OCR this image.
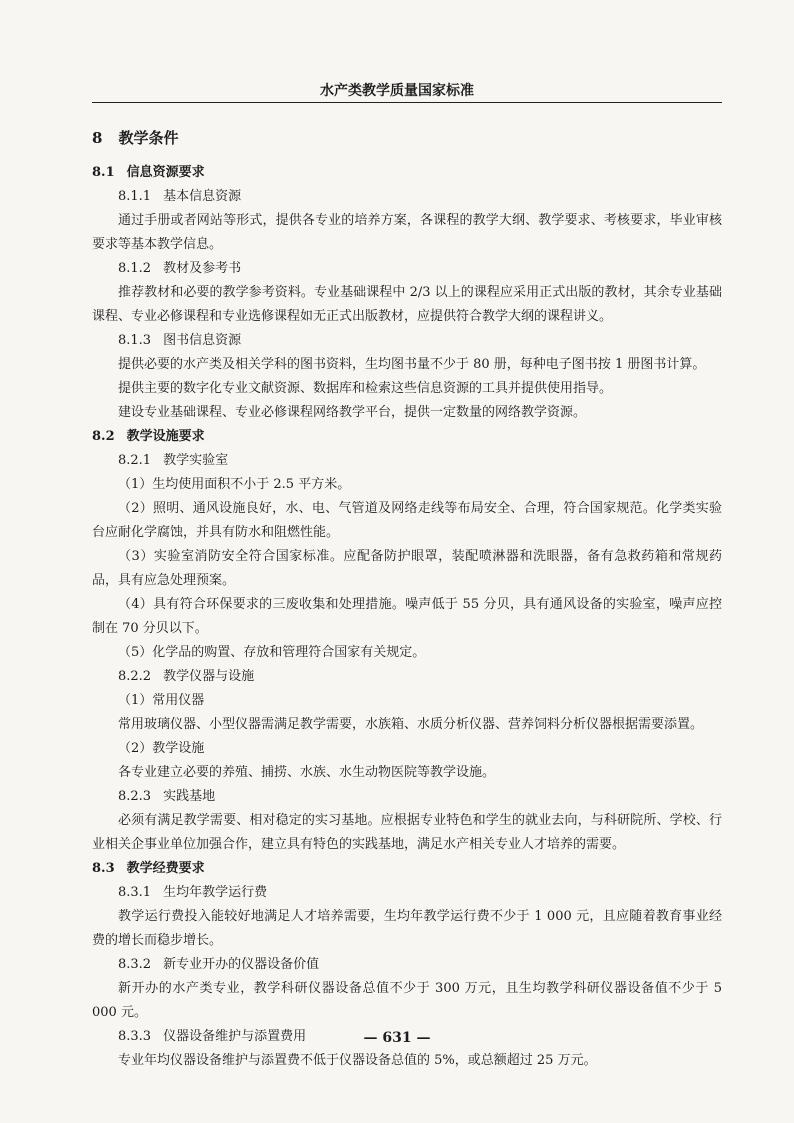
水产类教学质量国家标准

8 教学条件

8.1 信息资源要求

8.1.1 基本信息资源

通过手册或者网站等形式，提供各专业的培养方案，各课程的教学大纲、教学要求、考核要求，毕业审核要求等基本教学信息。

8.1.2 教材及参考书

推荐教材和必要的教学参考资料。专业基础课程中 2/3 以上的课程应采用正式出版的教材，其余专业基础课程、专业必修课程和专业选修课程如无正式出版教材，应提供符合教学大纲的课程讲义。

8.1.3 图书信息资源

提供必要的水产类及相关学科的图书资料，生均图书量不少于 80 册，每种电子图书按 1 册图书计算。

提供主要的数字化专业文献资源、数据库和检索这些信息资源的工具并提供使用指导。

建设专业基础课程、专业必修课程网络教学平台，提供一定数量的网络教学资源。

8.2 教学设施要求

8.2.1 教学实验室

（1）生均使用面积不小于 2.5 平方米。

（2）照明、通风设施良好，水、电、气管道及网络走线等布局安全、合理，符合国家规范。化学类实验台应耐化学腐蚀，并具有防水和阻燃性能。

（3）实验室消防安全符合国家标准。应配备防护眼罩，装配喷淋器和洗眼器，备有急救药箱和常规药品，具有应急处理预案。

（4）具有符合环保要求的三废收集和处理措施。噪声低于 55 分贝，具有通风设备的实验室，噪声应控制在 70 分贝以下。

（5）化学品的购置、存放和管理符合国家有关规定。

8.2.2 教学仪器与设施

（1）常用仪器

常用玻璃仪器、小型仪器需满足教学需要，水族箱、水质分析仪器、营养饲料分析仪器根据需要添置。

（2）教学设施

各专业建立必要的养殖、捕捞、水族、水生动物医院等教学设施。

8.2.3 实践基地

必须有满足教学需要、相对稳定的实习基地。应根据专业特色和学生的就业去向，与科研院所、学校、行业相关企事业单位加强合作，建立具有特色的实践基地，满足水产相关专业人才培养的需要。

8.3 教学经费要求

8.3.1 生均年教学运行费

教学运行费投入能较好地满足人才培养需要，生均年教学运行费不少于 1 000 元，且应随着教育事业经费的增长而稳步增长。

8.3.2 新专业开办的仪器设备价值

新开办的水产类专业，教学科研仪器设备总值不少于 300 万元，且生均教学科研仪器设备值不少于 5 000 元。

8.3.3 仪器设备维护与添置费用

专业年均仪器设备维护与添置费不低于仪器设备总值的 5%，或总额超过 25 万元。

— 631 —
